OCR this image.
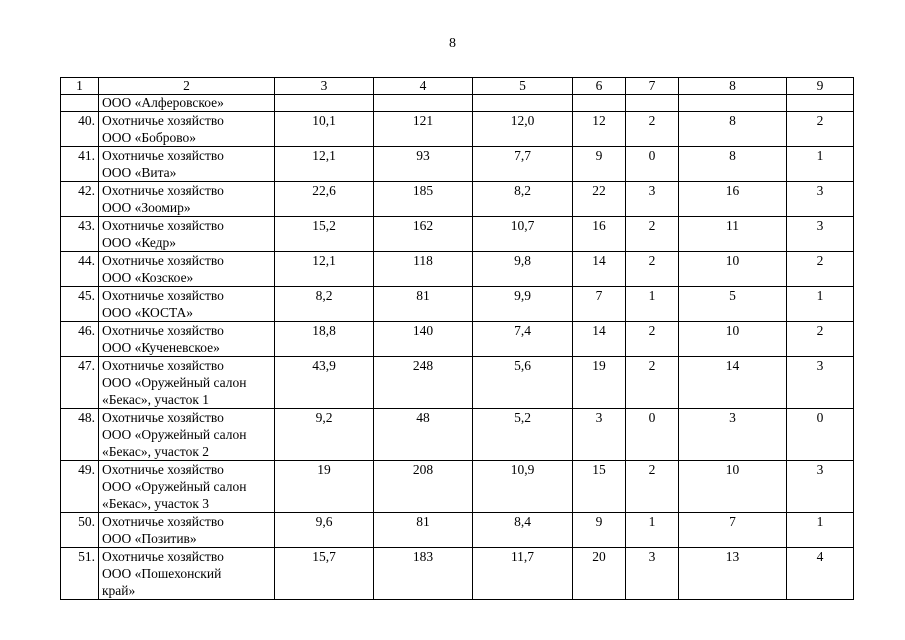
8
1	2	3	4	5	6	7	8	9
	ООО «Алферовское»							
40.	Охотничье хозяйство
ООО «Боброво»	10,1	121	12,0	12	2	8	2
41.	Охотничье хозяйство
ООО «Вита»	12,1	93	7,7	9	0	8	1
42.	Охотничье хозяйство
ООО «Зоомир»	22,6	185	8,2	22	3	16	3
43.	Охотничье хозяйство
ООО «Кедр»	15,2	162	10,7	16	2	11	3
44.	Охотничье хозяйство
ООО «Козское»	12,1	118	9,8	14	2	10	2
45.	Охотничье хозяйство
ООО «КОСТА»	8,2	81	9,9	7	1	5	1
46.	Охотничье хозяйство
ООО «Кученевское»	18,8	140	7,4	14	2	10	2
47.	Охотничье хозяйство
ООО «Оружейный салон
«Бекас», участок 1	43,9	248	5,6	19	2	14	3
48.	Охотничье хозяйство
ООО «Оружейный салон
«Бекас», участок 2	9,2	48	5,2	3	0	3	0
49.	Охотничье хозяйство
ООО «Оружейный салон
«Бекас», участок 3	19	208	10,9	15	2	10	3
50.	Охотничье хозяйство
ООО «Позитив»	9,6	81	8,4	9	1	7	1
51.	Охотничье хозяйство
ООО «Пошехонский
край»	15,7	183	11,7	20	3	13	4
